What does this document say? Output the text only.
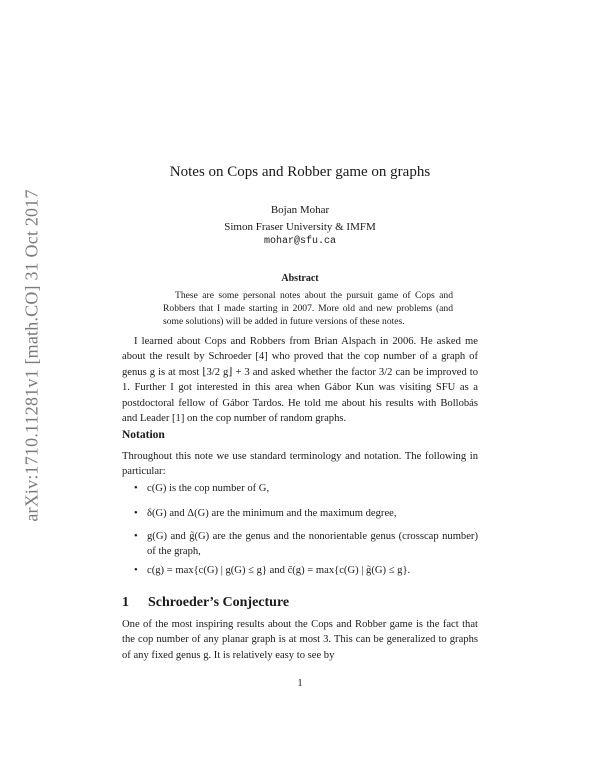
arXiv:1710.11281v1 [math.CO] 31 Oct 2017
Notes on Cops and Robber game on graphs
Bojan Mohar
Simon Fraser University & IMFM
mohar@sfu.ca
Abstract
These are some personal notes about the pursuit game of Cops and Robbers that I made starting in 2007. More old and new problems (and some solutions) will be added in future versions of these notes.
I learned about Cops and Robbers from Brian Alspach in 2006. He asked me about the result by Schroeder [4] who proved that the cop number of a graph of genus g is at most ⌊3/2 g⌋ + 3 and asked whether the factor 3/2 can be improved to 1. Further I got interested in this area when Gábor Kun was visiting SFU as a postdoctoral fellow of Gábor Tardos. He told me about his results with Bollobás and Leader [1] on the cop number of random graphs.
Notation
Throughout this note we use standard terminology and notation. The following in particular:
• c(G) is the cop number of G,
• δ(G) and Δ(G) are the minimum and the maximum degree,
• g(G) and g̃(G) are the genus and the nonorientable genus (crosscap number) of the graph,
• c(g) = max{c(G) | g(G) ≤ g} and c̃(g) = max{c(G) | g̃(G) ≤ g}.
1 Schroeder’s Conjecture
One of the most inspiring results about the Cops and Robber game is the fact that the cop number of any planar graph is at most 3. This can be generalized to graphs of any fixed genus g. It is relatively easy to see by
1
